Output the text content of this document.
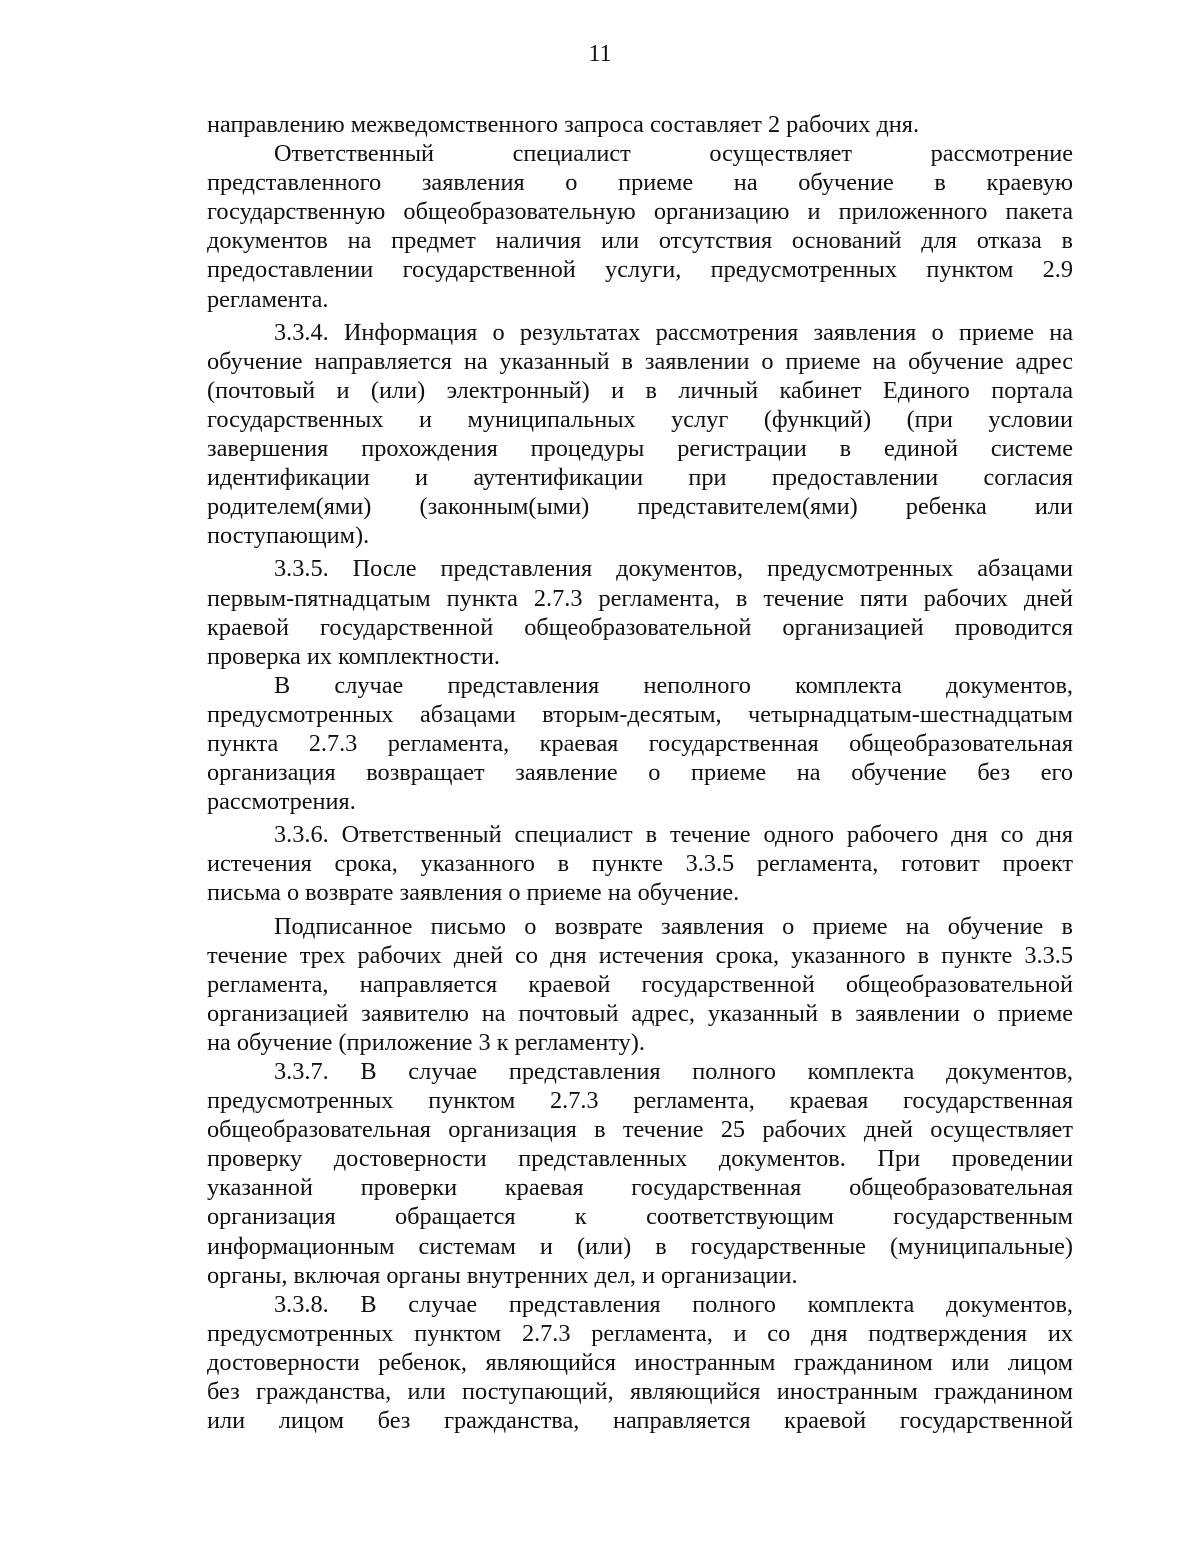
11
направлению межведомственного запроса составляет 2 рабочих дня.
Ответственный специалист осуществляет рассмотрение
представленного заявления о приеме на обучение в краевую
государственную общеобразовательную организацию и приложенного пакета
документов на предмет наличия или отсутствия оснований для отказа в
предоставлении государственной услуги, предусмотренных пунктом 2.9
регламента.
3.3.4. Информация о результатах рассмотрения заявления о приеме на
обучение направляется на указанный в заявлении о приеме на обучение адрес
(почтовый и (или) электронный) и в личный кабинет Единого портала
государственных и муниципальных услуг (функций) (при условии
завершения прохождения процедуры регистрации в единой системе
идентификации и аутентификации при предоставлении согласия
родителем(ями) (законным(ыми) представителем(ями) ребенка или
поступающим).
3.3.5. После представления документов, предусмотренных абзацами
первым-пятнадцатым пункта 2.7.3 регламента, в течение пяти рабочих дней
краевой государственной общеобразовательной организацией проводится
проверка их комплектности.
В случае представления неполного комплекта документов,
предусмотренных абзацами вторым-десятым, четырнадцатым-шестнадцатым
пункта 2.7.3 регламента, краевая государственная общеобразовательная
организация возвращает заявление о приеме на обучение без его
рассмотрения.
3.3.6. Ответственный специалист в течение одного рабочего дня со дня
истечения срока, указанного в пункте 3.3.5 регламента, готовит проект
письма о возврате заявления о приеме на обучение.
Подписанное письмо о возврате заявления о приеме на обучение в
течение трех рабочих дней со дня истечения срока, указанного в пункте 3.3.5
регламента, направляется краевой государственной общеобразовательной
организацией заявителю на почтовый адрес, указанный в заявлении о приеме
на обучение (приложение 3 к регламенту).
3.3.7. В случае представления полного комплекта документов,
предусмотренных пунктом 2.7.3 регламента, краевая государственная
общеобразовательная организация в течение 25 рабочих дней осуществляет
проверку достоверности представленных документов. При проведении
указанной проверки краевая государственная общеобразовательная
организация обращается к соответствующим государственным
информационным системам и (или) в государственные (муниципальные)
органы, включая органы внутренних дел, и организации.
3.3.8. В случае представления полного комплекта документов,
предусмотренных пунктом 2.7.3 регламента, и со дня подтверждения их
достоверности ребенок, являющийся иностранным гражданином или лицом
без гражданства, или поступающий, являющийся иностранным гражданином
или лицом без гражданства, направляется краевой государственной
